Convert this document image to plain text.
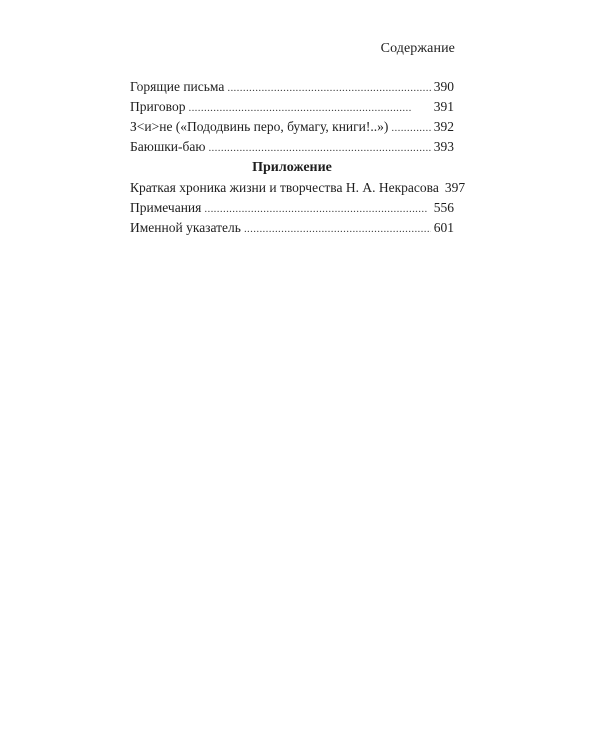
Содержание
Горящие письма . . .	390
Приговор . . .	391
З<и>не («Пододвинь перо, бумагу, книги!..») . . .	392
Баюшки-баю . . .	393
Приложение
Краткая хроника жизни и творчества Н. А. Некрасова 397
Примечания . . .	556
Именной указатель . . .	601
